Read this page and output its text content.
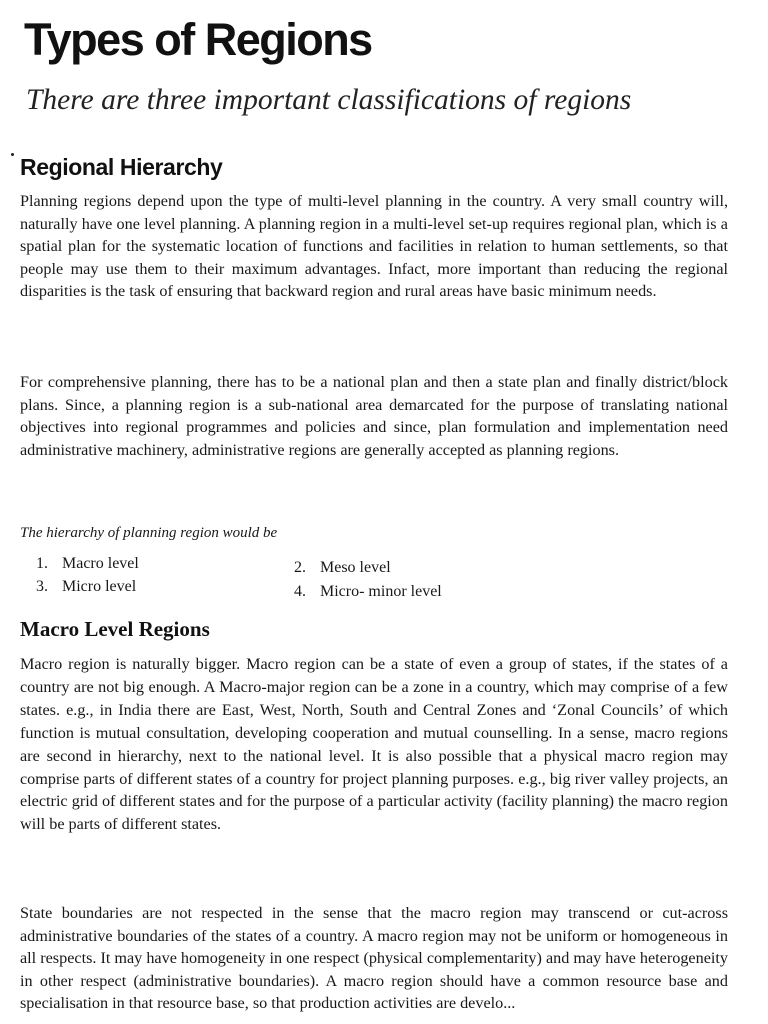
Types of Regions

There are three important classifications of regions

Regional Hierarchy

Planning regions depend upon the type of multi-level planning in the country. A very small country will, naturally have one level planning. A planning region in a multi-level set-up requires regional plan, which is a spatial plan for the systematic location of functions and facilities in relation to human settlements, so that people may use them to their maximum advantages. Infact, more important than reducing the regional disparities is the task of ensuring that backward region and rural areas have basic minimum needs.

For comprehensive planning, there has to be a national plan and then a state plan and finally district/block plans. Since, a planning region is a sub-national area demarcated for the purpose of translating national objectives into regional programmes and policies and since, plan formulation and implementation need administrative machinery, administrative regions are generally accepted as planning regions.

The hierarchy of planning region would be

1. Macro level	2. Meso level
3. Micro level	4. Micro- minor level
Macro Level Regions

Macro region is naturally bigger. Macro region can be a state of even a group of states, if the states of a country are not big enough. A Macro-major region can be a zone in a country, which may comprise of a few states. e.g., in India there are East, West, North, South and Central Zones and ‘Zonal Councils’ of which function is mutual consultation, developing cooperation and mutual counselling. In a sense, macro regions are second in hierarchy, next to the national level. It is also possible that a physical macro region may comprise parts of different states of a country for project planning purposes. e.g., big river valley projects, an electric grid of different states and for the purpose of a particular activity (facility planning) the macro region will be parts of different states.

State boundaries are not respected in the sense that the macro region may transcend or cut-across administrative boundaries of the states of a country. A macro region may not be uniform or homogeneous in all respects. It may have homogeneity in one respect (physical complementarity) and may have heterogeneity in other respect (administrative boundaries). A macro region should have a common resource base and specialisation in that resource base, so that production activities are develo...
